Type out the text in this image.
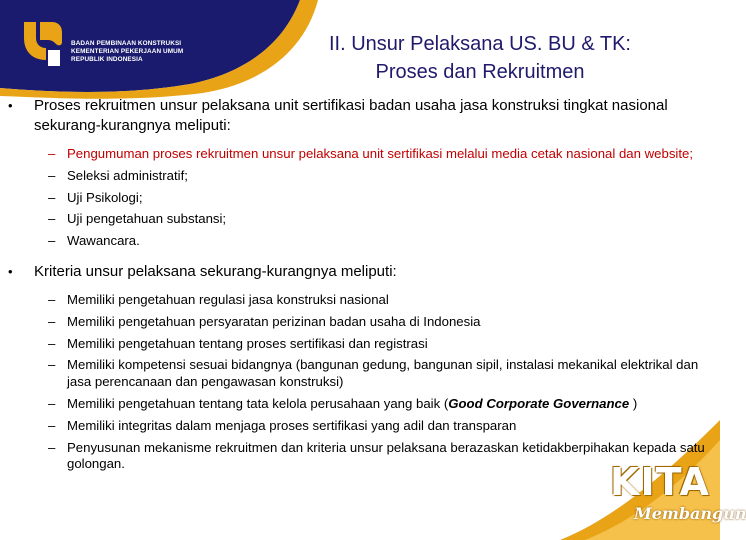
BADAN PEMBINAAN KONSTRUKSI
KEMENTERIAN PEKERJAAN UMUM
REPUBLIK INDONESIA
II. Unsur Pelaksana US. BU & TK:
Proses dan Rekruitmen
• Proses rekruitmen unsur pelaksana unit sertifikasi badan usaha jasa konstruksi tingkat nasional sekurang-kurangnya meliputi:
– Pengumuman proses rekruitmen unsur pelaksana unit sertifikasi melalui media cetak nasional dan website;
– Seleksi administratif;
– Uji Psikologi;
– Uji pengetahuan substansi;
– Wawancara.
• Kriteria unsur pelaksana sekurang-kurangnya meliputi:
– Memiliki pengetahuan regulasi jasa konstruksi nasional
– Memiliki pengetahuan persyaratan perizinan badan usaha di Indonesia
– Memiliki pengetahuan tentang proses sertifikasi dan registrasi
– Memiliki kompetensi sesuai bidangnya (bangunan gedung, bangunan sipil, instalasi mekanikal elektrikal dan jasa perencanaan dan pengawasan konstruksi)
– Memiliki pengetahuan tentang tata kelola perusahaan yang baik (Good Corporate Governance )
– Memiliki integritas dalam menjaga proses sertifikasi yang adil dan transparan
– Penyusunan mekanisme rekruitmen dan kriteria unsur pelaksana berazaskan ketidakberpihakan kepada satu golongan.	KITA
Membangun
